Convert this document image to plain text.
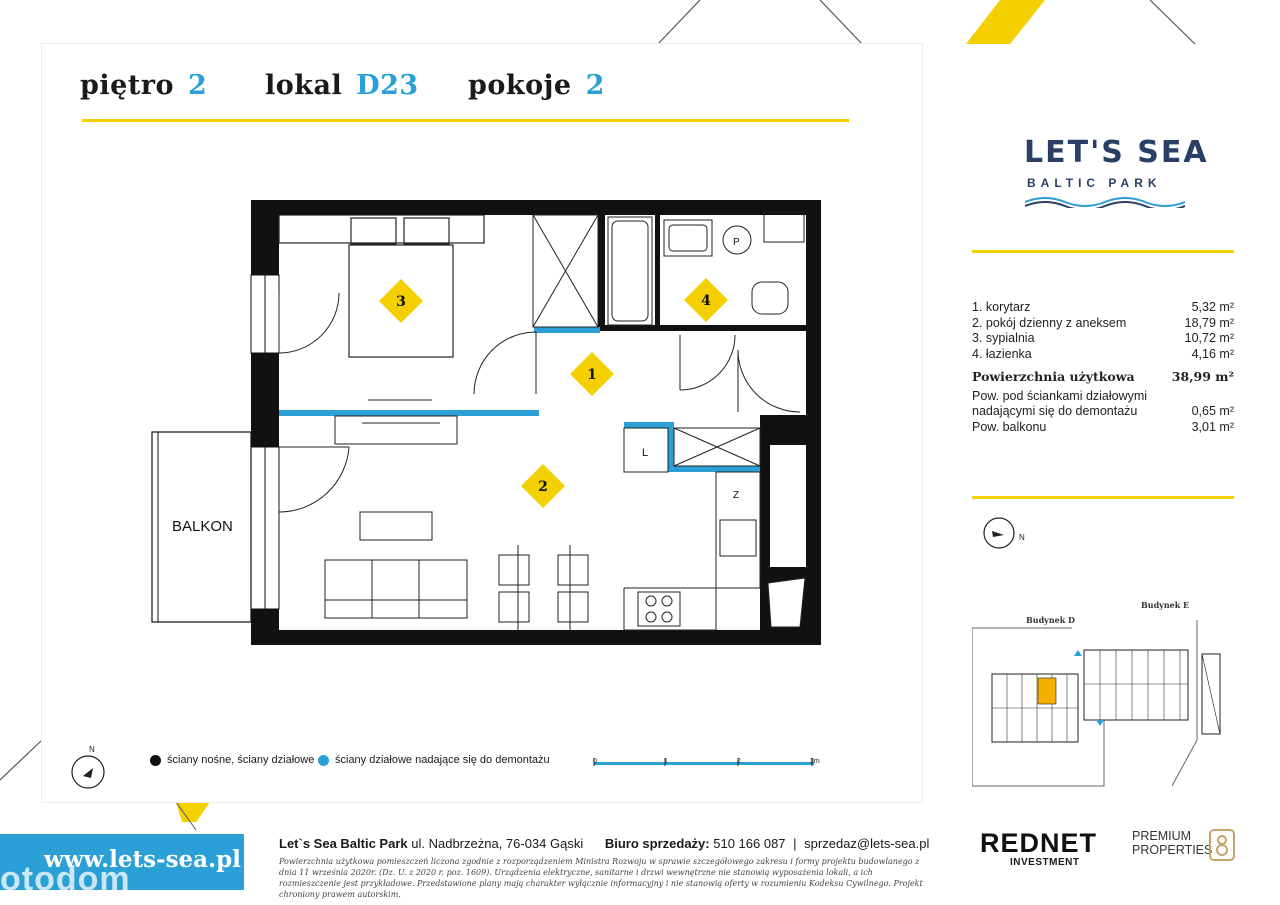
piętro 2 lokal D23 pokoje 2
3
1
2
4
BALKON
L
Z
P
N
0	1	2	3m
ściany nośne, ściany działowe ściany działowe nadające się do demontażu
LET'S SEA
BALTIC PARK
1. korytarz	5,32 m²
2. pokój dzienny z aneksem	18,79 m²
3. sypialnia	10,72 m²
4. łazienka	4,16 m²
Powierzchnia użytkowa	38,99 m²
Pow. pod ściankami działowymi
nadającymi się do demontażu	0,65 m²
Pow. balkonu	3,01 m²
N
Budynek E
Budynek D
www.lets-sea.pl
otodom
Let`s Sea Baltic Park ul. Nadbrzeżna, 76-034 Gąski Biuro sprzedaży: 510 166 087 | sprzedaz@lets-sea.pl
Powierzchnia użytkowa pomieszczeń liczona zgodnie z rozporządzeniem Ministra Rozwoju w sprawie szczegółowego zakresu i formy projektu budowlanego z dnia 11 września 2020r. (Dz. U. z 2020 r. poz. 1609). Urządzenia elektryczne, sanitarne i drzwi wewnętrzne nie stanowią wyposażenia lokali, a ich rozmieszczenie jest przykładowe. Przedstawione plany mają charakter wyłącznie informacyjny i nie stanowią oferty w rozumieniu Kodeksu Cywilnego. Projekt chroniony prawem autorskim.
REDNET
INVESTMENT
PREMIUM
PROPERTIES
